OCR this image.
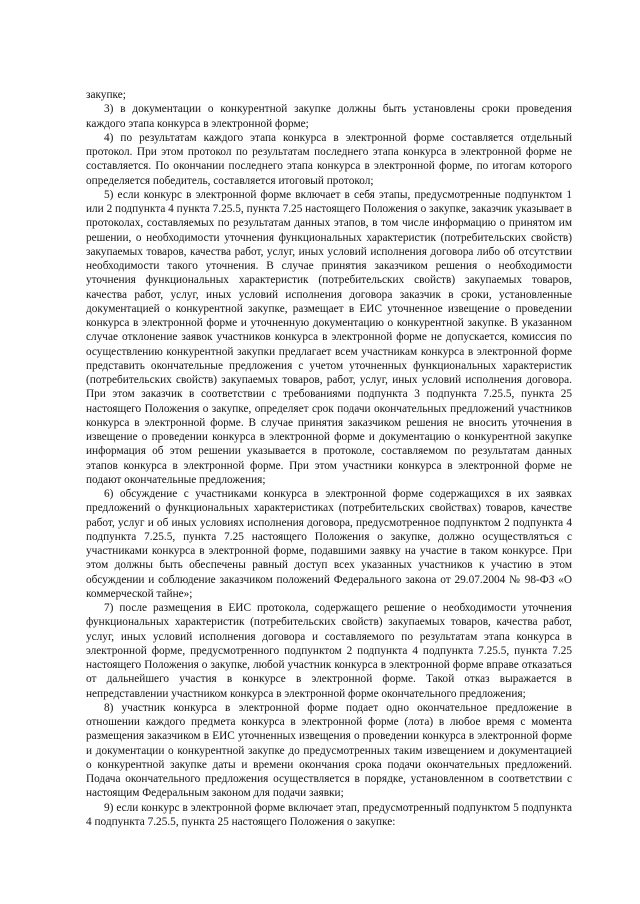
закупке;

3) в документации о конкурентной закупке должны быть установлены сроки проведения каждого этапа конкурса в электронной форме;

4) по результатам каждого этапа конкурса в электронной форме составляется отдельный протокол. При этом протокол по результатам последнего этапа конкурса в электронной форме не составляется. По окончании последнего этапа конкурса в электронной форме, по итогам которого определяется победитель, составляется итоговый протокол;

5) если конкурс в электронной форме включает в себя этапы, предусмотренные подпунктом 1 или 2 подпункта 4 пункта 7.25.5, пункта 7.25 настоящего Положения о закупке, заказчик указывает в протоколах, составляемых по результатам данных этапов, в том числе информацию о принятом им решении, о необходимости уточнения функциональных характеристик (потребительских свойств) закупаемых товаров, качества работ, услуг, иных условий исполнения договора либо об отсутствии необходимости такого уточнения. В случае принятия заказчиком решения о необходимости уточнения функциональных характеристик (потребительских свойств) закупаемых товаров, качества работ, услуг, иных условий исполнения договора заказчик в сроки, установленные документацией о конкурентной закупке, размещает в ЕИС уточненное извещение о проведении конкурса в электронной форме и уточненную документацию о конкурентной закупке. В указанном случае отклонение заявок участников конкурса в электронной форме не допускается, комиссия по осуществлению конкурентной закупки предлагает всем участникам конкурса в электронной форме представить окончательные предложения с учетом уточненных функциональных характеристик (потребительских свойств) закупаемых товаров, работ, услуг, иных условий исполнения договора. При этом заказчик в соответствии с требованиями подпункта 3 подпункта 7.25.5, пункта 25 настоящего Положения о закупке, определяет срок подачи окончательных предложений участников конкурса в электронной форме. В случае принятия заказчиком решения не вносить уточнения в извещение о проведении конкурса в электронной форме и документацию о конкурентной закупке информация об этом решении указывается в протоколе, составляемом по результатам данных этапов конкурса в электронной форме. При этом участники конкурса в электронной форме не подают окончательные предложения;

6) обсуждение с участниками конкурса в электронной форме содержащихся в их заявках предложений о функциональных характеристиках (потребительских свойствах) товаров, качестве работ, услуг и об иных условиях исполнения договора, предусмотренное подпунктом 2 подпункта 4 подпункта 7.25.5, пункта 7.25 настоящего Положения о закупке, должно осуществляться с участниками конкурса в электронной форме, подавшими заявку на участие в таком конкурсе. При этом должны быть обеспечены равный доступ всех указанных участников к участию в этом обсуждении и соблюдение заказчиком положений Федерального закона от 29.07.2004 № 98-ФЗ «О коммерческой тайне»;

7) после размещения в ЕИС протокола, содержащего решение о необходимости уточнения функциональных характеристик (потребительских свойств) закупаемых товаров, качества работ, услуг, иных условий исполнения договора и составляемого по результатам этапа конкурса в электронной форме, предусмотренного подпунктом 2 подпункта 4 подпункта 7.25.5, пункта 7.25 настоящего Положения о закупке, любой участник конкурса в электронной форме вправе отказаться от дальнейшего участия в конкурсе в электронной форме. Такой отказ выражается в непредставлении участником конкурса в электронной форме окончательного предложения;

8) участник конкурса в электронной форме подает одно окончательное предложение в отношении каждого предмета конкурса в электронной форме (лота) в любое время с момента размещения заказчиком в ЕИС уточненных извещения о проведении конкурса в электронной форме и документации о конкурентной закупке до предусмотренных таким извещением и документацией о конкурентной закупке даты и времени окончания срока подачи окончательных предложений. Подача окончательного предложения осуществляется в порядке, установленном в соответствии с настоящим Федеральным законом для подачи заявки;

9) если конкурс в электронной форме включает этап, предусмотренный подпунктом 5 подпункта 4 подпункта 7.25.5, пункта 25 настоящего Положения о закупке:
